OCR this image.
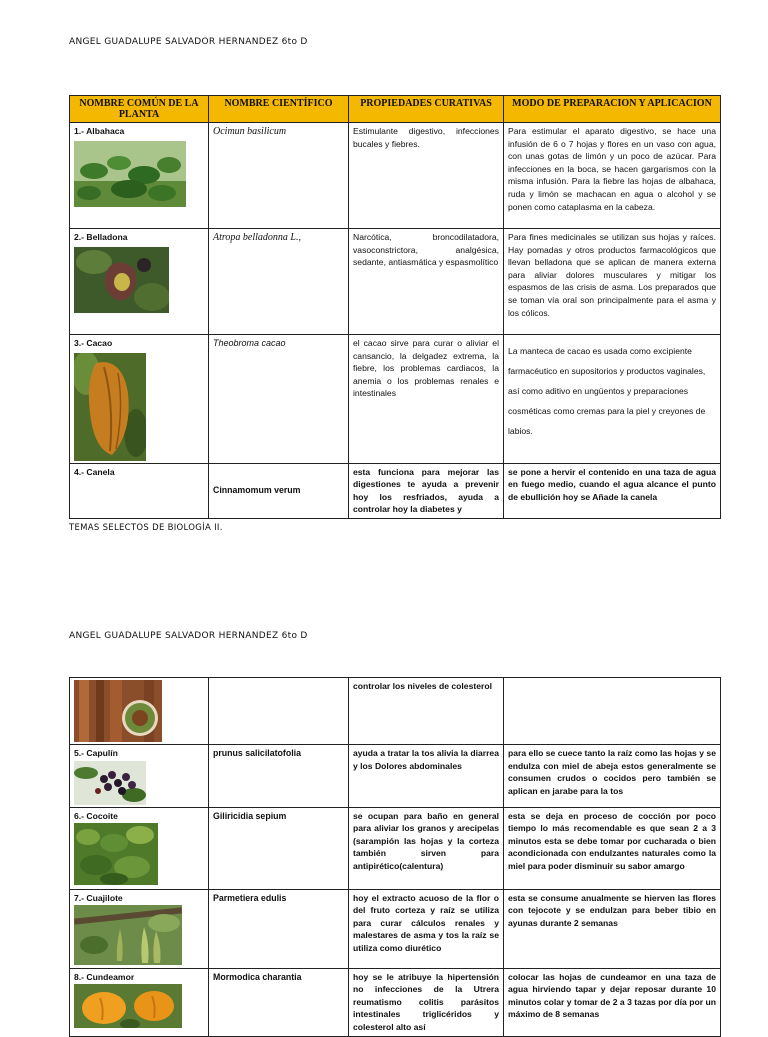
ANGEL GUADALUPE SALVADOR HERNANDEZ 6to D
NOMBRE COMÚN DE LA PLANTA	NOMBRE CIENTÍFICO	PROPIEDADES CURATIVAS	MODO DE PREPARACION Y APLICACION

1.- Albahaca	Ocimun basilicum	Estimulante digestivo, infecciones bucales y fiebres.	Para estimular el aparato digestivo, se hace una infusión de 6 o 7 hojas y flores en un vaso con agua, con unas gotas de limón y un poco de azúcar. Para infecciones en la boca, se hacen gargarismos con la misma infusión. Para la fiebre las hojas de albahaca, ruda y limón se machacan en agua o alcohol y se ponen como cataplasma en la cabeza.

2.- Belladona	Atropa belladonna L.,	Narcótica, broncodilatadora, vasoconstrictora, analgésica, sedante, antiasmática y espasmolítico	Para fines medicinales se utilizan sus hojas y raíces. Hay pomadas y otros productos farmacológicos que llevan belladona que se aplican de manera externa para aliviar dolores musculares y mitigar los espasmos de las crisis de asma. Los preparados que se toman vía oral son principalmente para el asma y los cólicos.

3.- Cacao	Theobroma cacao	el cacao sirve para curar o aliviar el cansancio, la delgadez extrema, la fiebre, los problemas cardiacos, la anemia o los problemas renales e intestinales	La manteca de cacao es usada como excipiente farmacéutico en supositorios y productos vaginales, así como aditivo en ungüentos y preparaciones cosméticas como cremas para la piel y creyones de labios.

4.- Canela	Cinnamomum verum	esta funciona para mejorar las digestiones te ayuda a prevenir hoy los resfriados, ayuda a controlar hoy la diabetes y	se pone a hervir el contenido en una taza de agua en fuego medio, cuando el agua alcance el punto de ebullición hoy se Añade la canela
TEMAS SELECTOS DE BIOLOGÍA II.
ANGEL GUADALUPE SALVADOR HERNANDEZ 6to D
		controlar los niveles de colesterol	

5.- Capulín	prunus salicilatofolia	ayuda a tratar la tos alivia la diarrea y los Dolores abdominales	para ello se cuece tanto la raíz como las hojas y se endulza con miel de abeja estos generalmente se consumen crudos o cocidos pero también se aplican en jarabe para la tos

6.- Cocoite	Giliricidia sepium	se ocupan para baño en general para aliviar los granos y arecipelas (sarampión las hojas y la corteza también sirven para antipirético(calentura)	esta se deja en proceso de cocción por poco tiempo lo más recomendable es que sean 2 a 3 minutos esta se debe tomar por cucharada o bien acondicionada con endulzantes naturales como la miel para poder disminuir su sabor amargo

7.- Cuajilote	Parmetiera edulis	hoy el extracto acuoso de la flor o del fruto corteza y raíz se utiliza para curar cálculos renales y malestares de asma y tos la raíz se utiliza como diurético	esta se consume anualmente se hierven las flores con tejocote y se endulzan para beber tibio en ayunas durante 2 semanas

8.- Cundeamor	Mormodica charantia	hoy se le atribuye la hipertensión no infecciones de la Utrera reumatismo colitis parásitos intestinales triglicéridos y colesterol alto así	colocar las hojas de cundeamor en una taza de agua hirviendo tapar y dejar reposar durante 10 minutos colar y tomar de 2 a 3 tazas por día por un máximo de 8 semanas
